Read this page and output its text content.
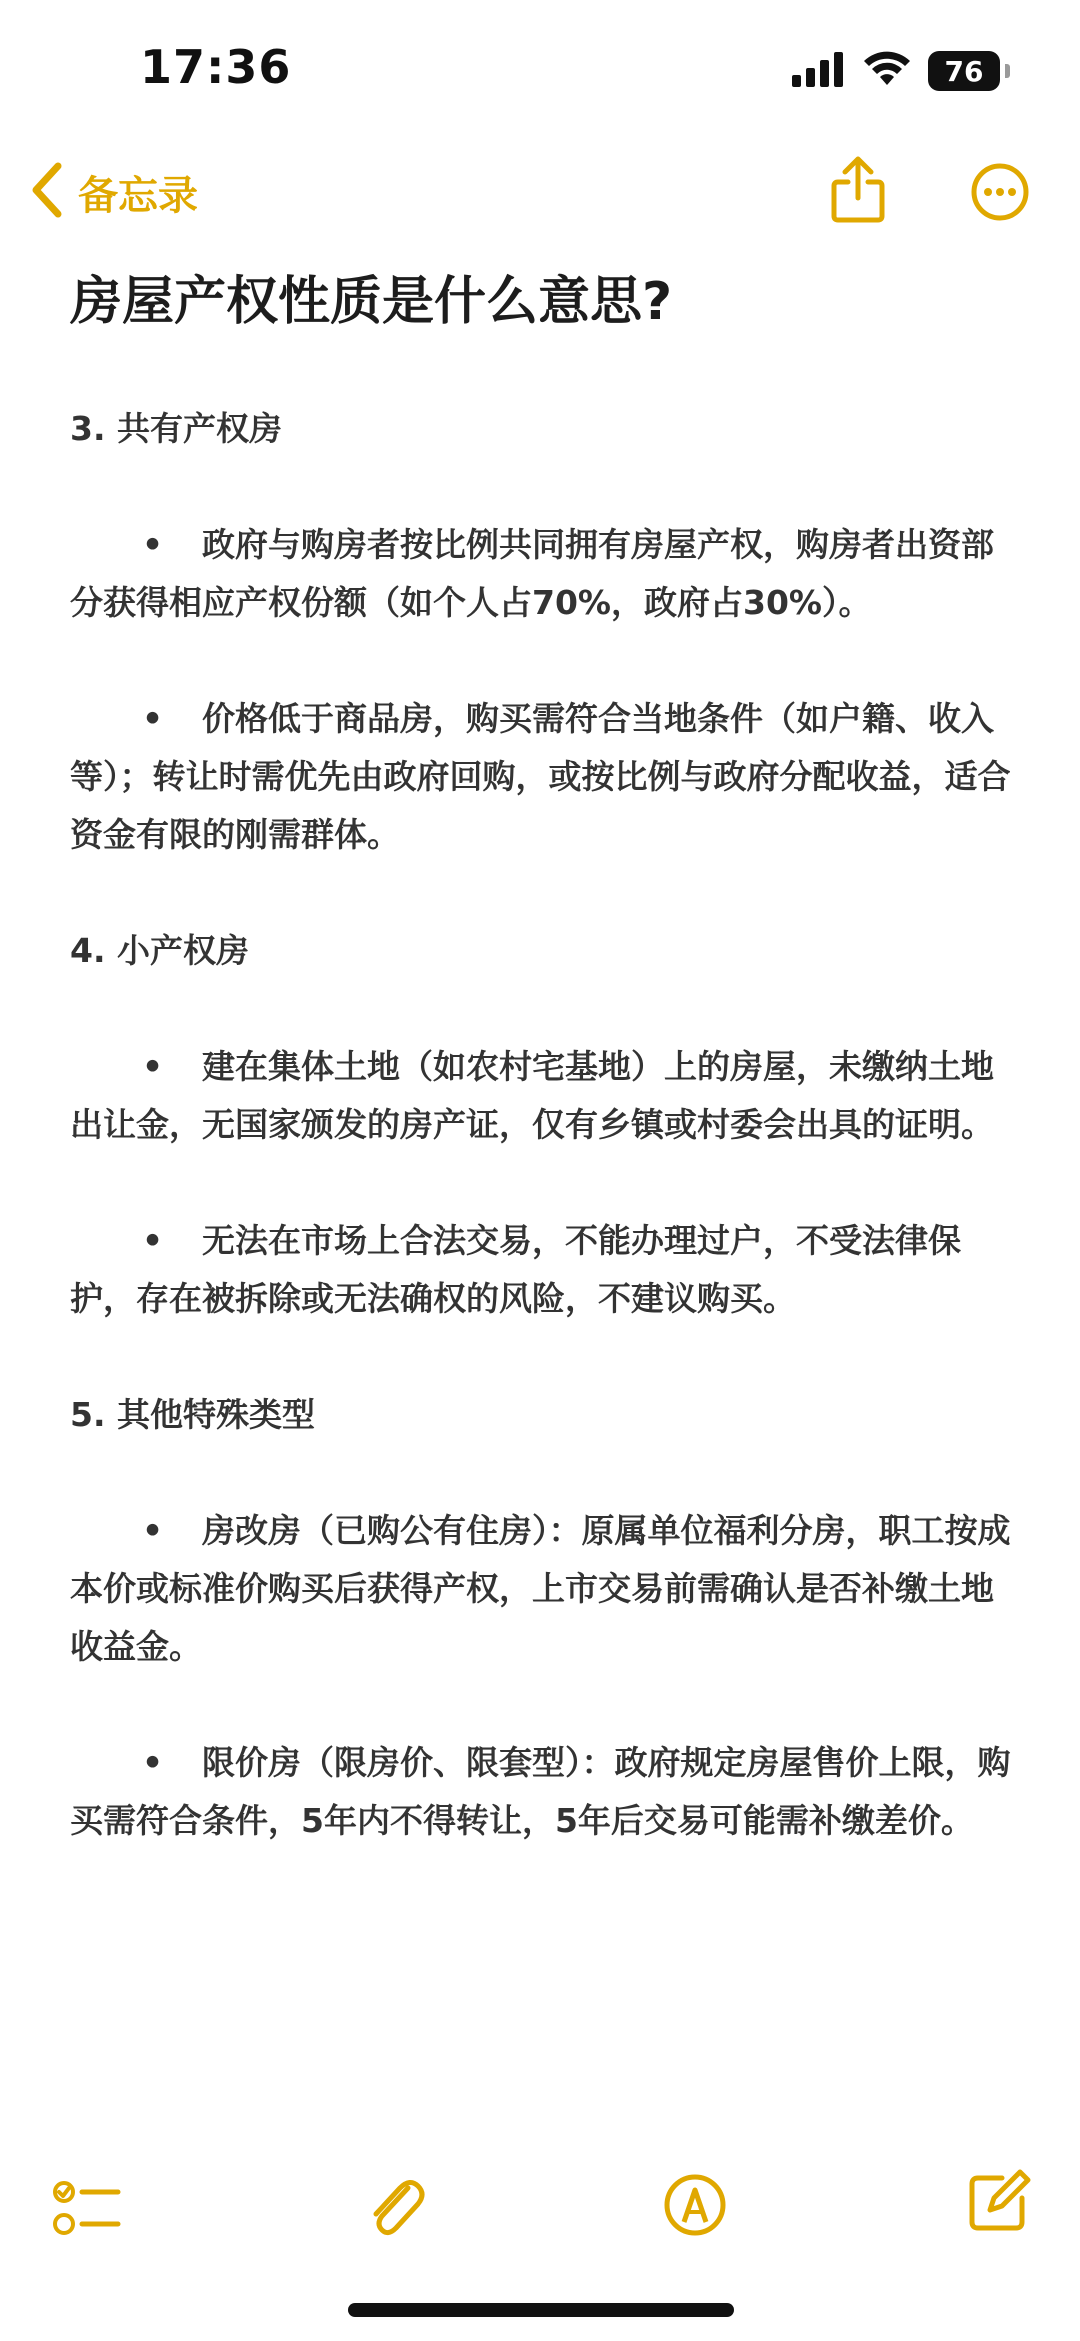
17:36	76
备忘录
房屋产权性质是什么意思?

3. 共有产权房

• 政府与购房者按比例共同拥有房屋产权，购房者出资部分获得相应产权份额（如个人占70%，政府占30%）。

• 价格低于商品房，购买需符合当地条件（如户籍、收入等）；转让时需优先由政府回购，或按比例与政府分配收益，适合资金有限的刚需群体。

4. 小产权房

• 建在集体土地（如农村宅基地）上的房屋，未缴纳土地出让金，无国家颁发的房产证，仅有乡镇或村委会出具的证明。

• 无法在市场上合法交易，不能办理过户，不受法律保护，存在被拆除或无法确权的风险，不建议购买。

5. 其他特殊类型

• 房改房（已购公有住房）：原属单位福利分房，职工按成本价或标准价购买后获得产权，上市交易前需确认是否补缴土地收益金。

• 限价房（限房价、限套型）：政府规定房屋售价上限，购买需符合条件，5年内不得转让，5年后交易可能需补缴差价。
